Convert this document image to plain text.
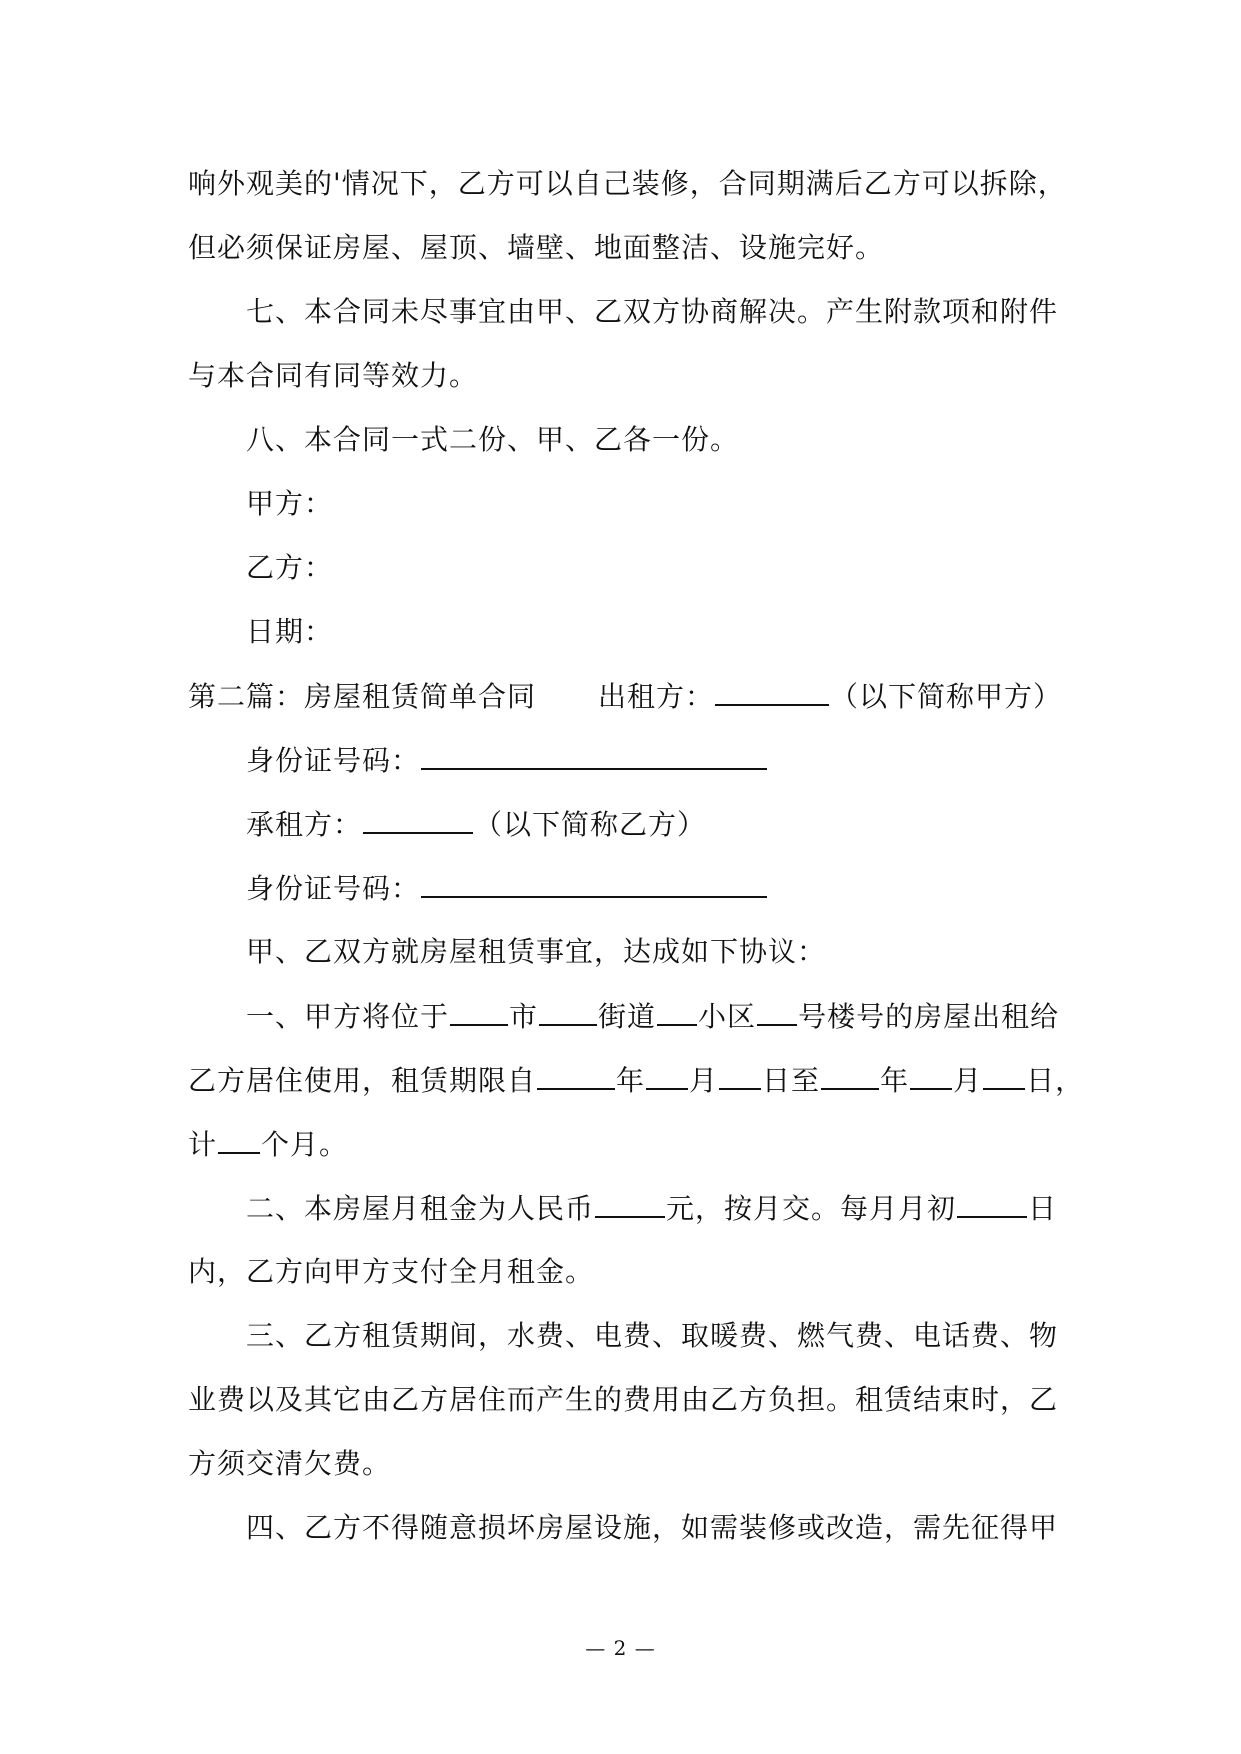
响外观美的'情况下，乙方可以自己装修，合同期满后乙方可以拆除，
但必须保证房屋、屋顶、墙壁、地面整洁、设施完好。
七、本合同未尽事宜由甲、乙双方协商解决。产生附款项和附件
与本合同有同等效力。
八、本合同一式二份、甲、乙各一份。
甲方：
乙方：
日期：
第二篇：房屋租赁简单合同 出租方：	（以下简称甲方）
身份证号码：
承租方：	（以下简称乙方）
身份证号码：
甲、乙双方就房屋租赁事宜，达成如下协议：
一、甲方将位于 市 街道 小区 号楼号的房屋出租给
乙方居住使用，租赁期限自	年 月 日至 年 月 日，
计 个月。
二、本房屋月租金为人民币	元，按月交。每月月初	日
内，乙方向甲方支付全月租金。
三、乙方租赁期间，水费、电费、取暖费、燃气费、电话费、物
业费以及其它由乙方居住而产生的费用由乙方负担。租赁结束时，乙
方须交清欠费。
四、乙方不得随意损坏房屋设施，如需装修或改造，需先征得甲
— 2 —
